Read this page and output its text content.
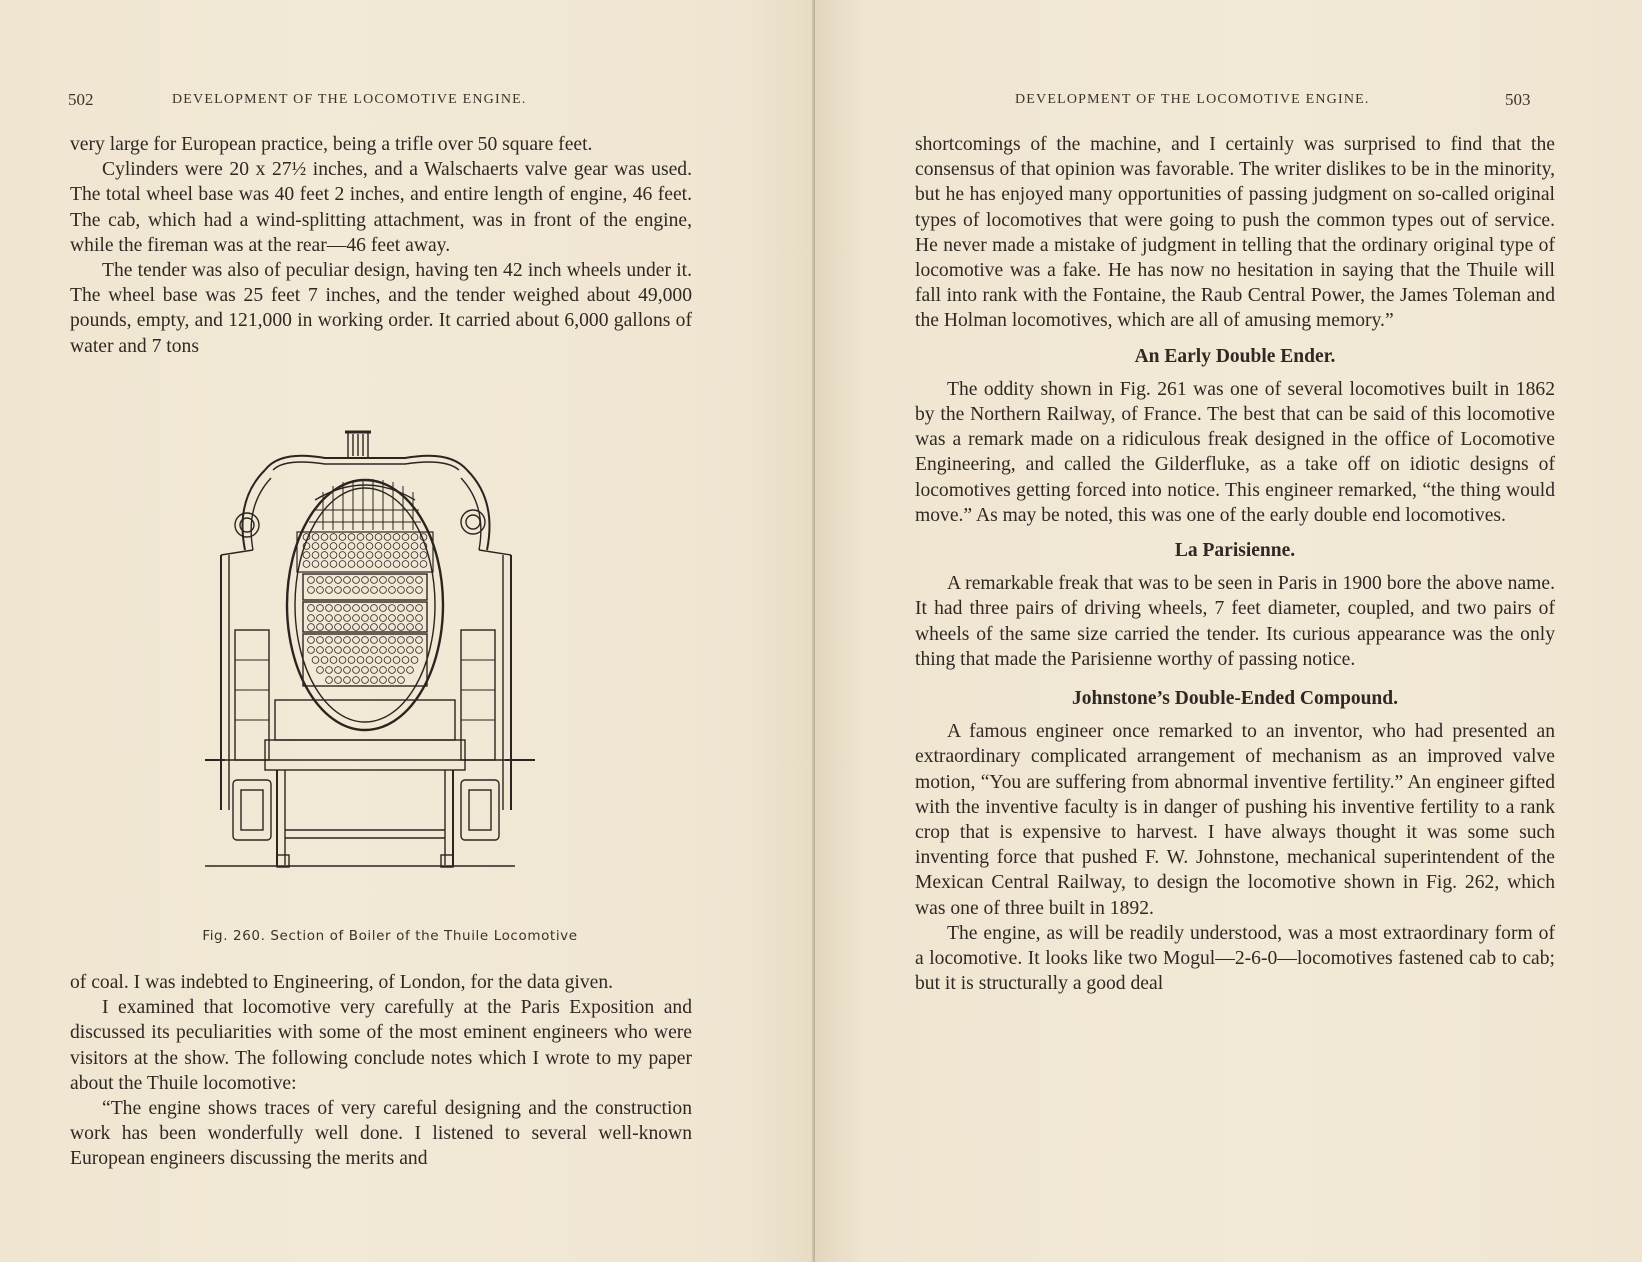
502	DEVELOPMENT OF THE LOCOMOTIVE ENGINE.

very large for European practice, being a trifle over 50 square feet.

Cylinders were 20 x 27½ inches, and a Walschaerts valve gear was used. The total wheel base was 40 feet 2 inches, and entire length of engine, 46 feet. The cab, which had a wind-splitting attachment, was in front of the engine, while the fireman was at the rear—46 feet away.

The tender was also of peculiar design, having ten 42 inch wheels under it. The wheel base was 25 feet 7 inches, and the tender weighed about 49,000 pounds, empty, and 121,000 in working order. It carried about 6,000 gallons of water and 7 tons

Fig. 260. Section of Boiler of the Thuile Locomotive

of coal. I was indebted to Engineering, of London, for the data given.

I examined that locomotive very carefully at the Paris Exposition and discussed its peculiarities with some of the most eminent engineers who were visitors at the show. The following conclude notes which I wrote to my paper about the Thuile locomotive:

“The engine shows traces of very careful designing and the construction work has been wonderfully well done. I listened to several well-known European engineers discussing the merits and

DEVELOPMENT OF THE LOCOMOTIVE ENGINE.	503

shortcomings of the machine, and I certainly was surprised to find that the consensus of that opinion was favorable. The writer dislikes to be in the minority, but he has enjoyed many opportunities of passing judgment on so-called original types of locomotives that were going to push the common types out of service. He never made a mistake of judgment in telling that the ordinary original type of locomotive was a fake. He has now no hesitation in saying that the Thuile will fall into rank with the Fontaine, the Raub Central Power, the James Toleman and the Holman locomotives, which are all of amusing memory.”

An Early Double Ender.

The oddity shown in Fig. 261 was one of several locomotives built in 1862 by the Northern Railway, of France. The best that can be said of this locomotive was a remark made on a ridiculous freak designed in the office of Locomotive Engineering, and called the Gilderfluke, as a take off on idiotic designs of locomotives getting forced into notice. This engineer remarked, “the thing would move.” As may be noted, this was one of the early double end locomotives.

La Parisienne.

A remarkable freak that was to be seen in Paris in 1900 bore the above name. It had three pairs of driving wheels, 7 feet diameter, coupled, and two pairs of wheels of the same size carried the tender. Its curious appearance was the only thing that made the Parisienne worthy of passing notice.

Johnstone’s Double-Ended Compound.

A famous engineer once remarked to an inventor, who had presented an extraordinary complicated arrangement of mechanism as an improved valve motion, “You are suffering from abnormal inventive fertility.” An engineer gifted with the inventive faculty is in danger of pushing his inventive fertility to a rank crop that is expensive to harvest. I have always thought it was some such inventing force that pushed F. W. Johnstone, mechanical superintendent of the Mexican Central Railway, to design the locomotive shown in Fig. 262, which was one of three built in 1892.

The engine, as will be readily understood, was a most extraordinary form of a locomotive. It looks like two Mogul—2-6-0—locomotives fastened cab to cab; but it is structurally a good deal
